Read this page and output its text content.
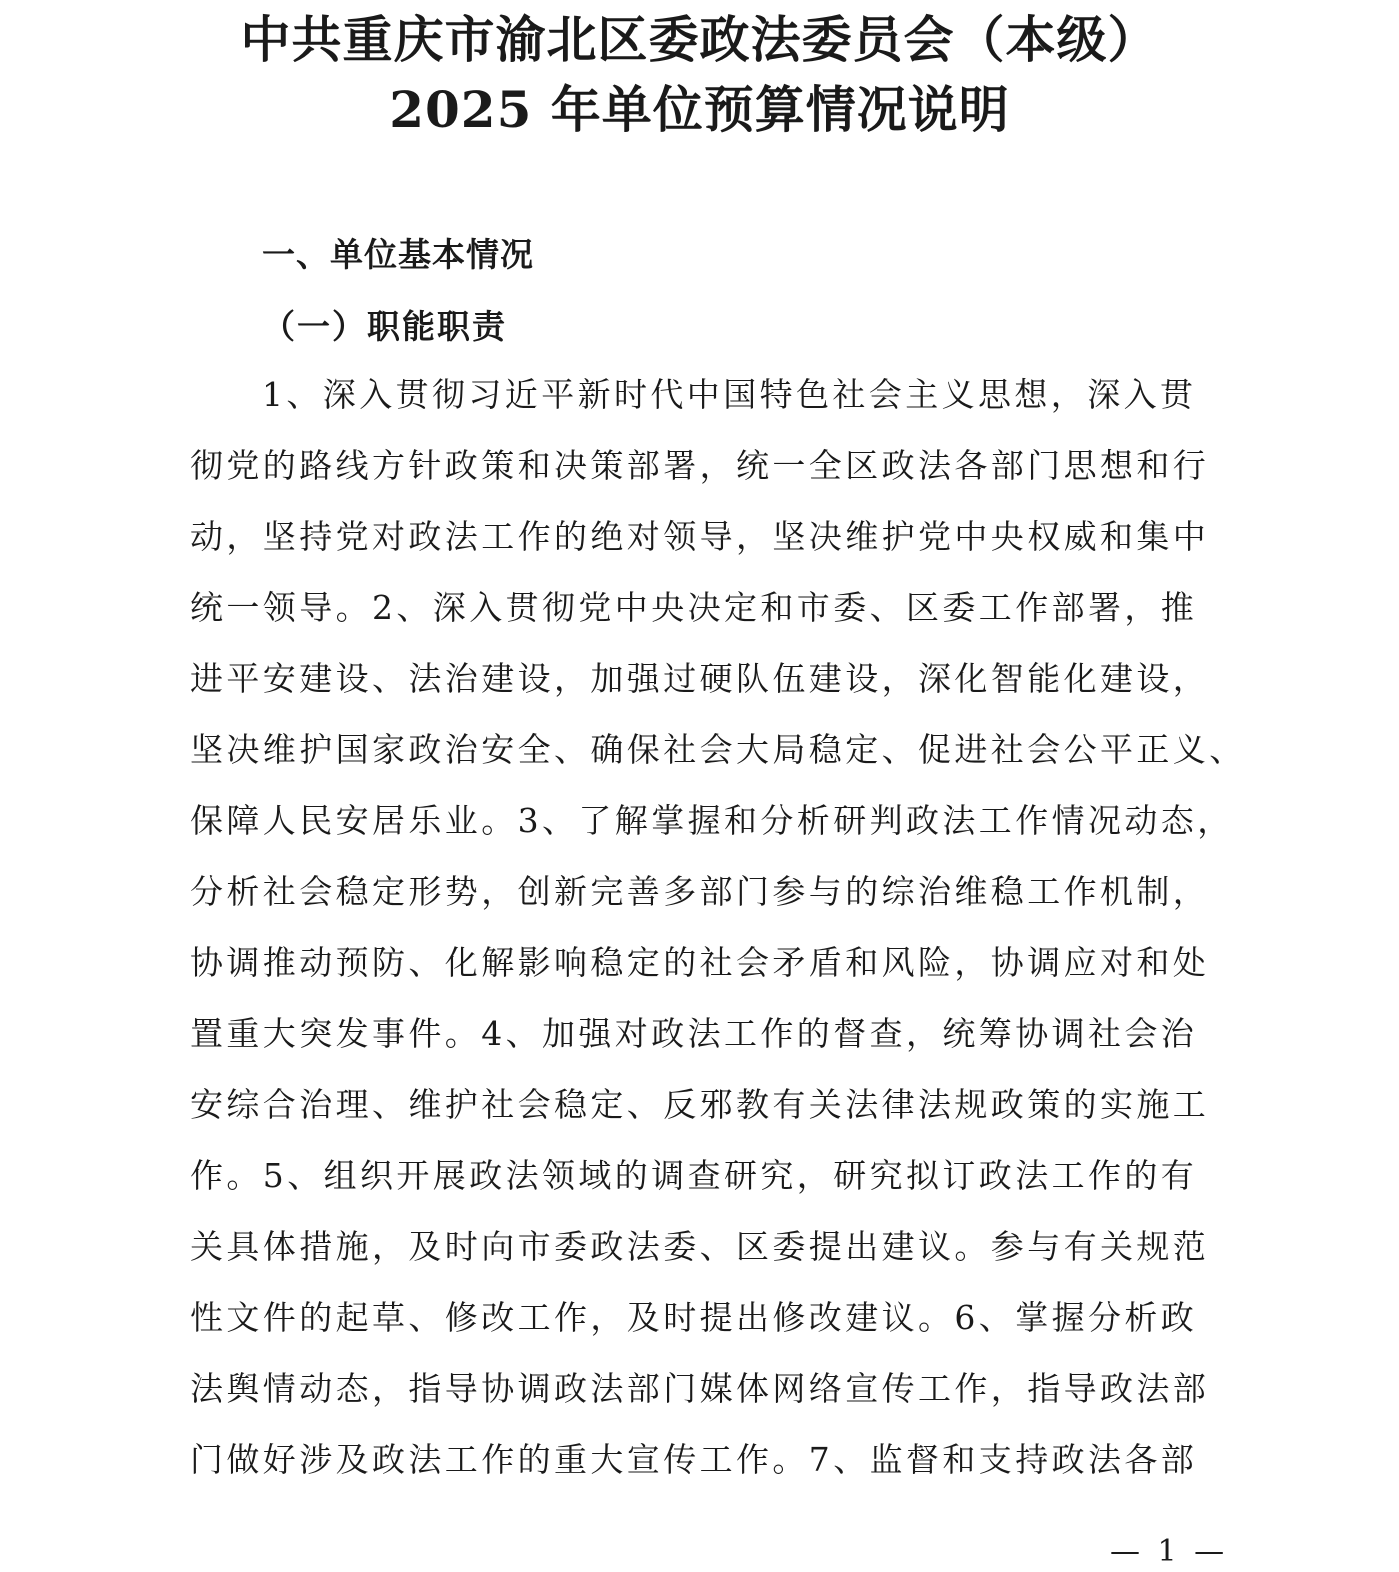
中共重庆市渝北区委政法委员会（本级）
2025 年单位预算情况说明
一、单位基本情况
（一）职能职责
1、深入贯彻习近平新时代中国特色社会主义思想，深入贯
彻党的路线方针政策和决策部署，统一全区政法各部门思想和行
动，坚持党对政法工作的绝对领导，坚决维护党中央权威和集中
统一领导。2、深入贯彻党中央决定和市委、区委工作部署，推
进平安建设、法治建设，加强过硬队伍建设，深化智能化建设，
坚决维护国家政治安全、确保社会大局稳定、促进社会公平正义、
保障人民安居乐业。3、了解掌握和分析研判政法工作情况动态，
分析社会稳定形势，创新完善多部门参与的综治维稳工作机制，
协调推动预防、化解影响稳定的社会矛盾和风险，协调应对和处
置重大突发事件。4、加强对政法工作的督查，统筹协调社会治
安综合治理、维护社会稳定、反邪教有关法律法规政策的实施工
作。5、组织开展政法领域的调查研究，研究拟订政法工作的有
关具体措施，及时向市委政法委、区委提出建议。参与有关规范
性文件的起草、修改工作，及时提出修改建议。6、掌握分析政
法舆情动态，指导协调政法部门媒体网络宣传工作，指导政法部
门做好涉及政法工作的重大宣传工作。7、监督和支持政法各部
— 1 —
